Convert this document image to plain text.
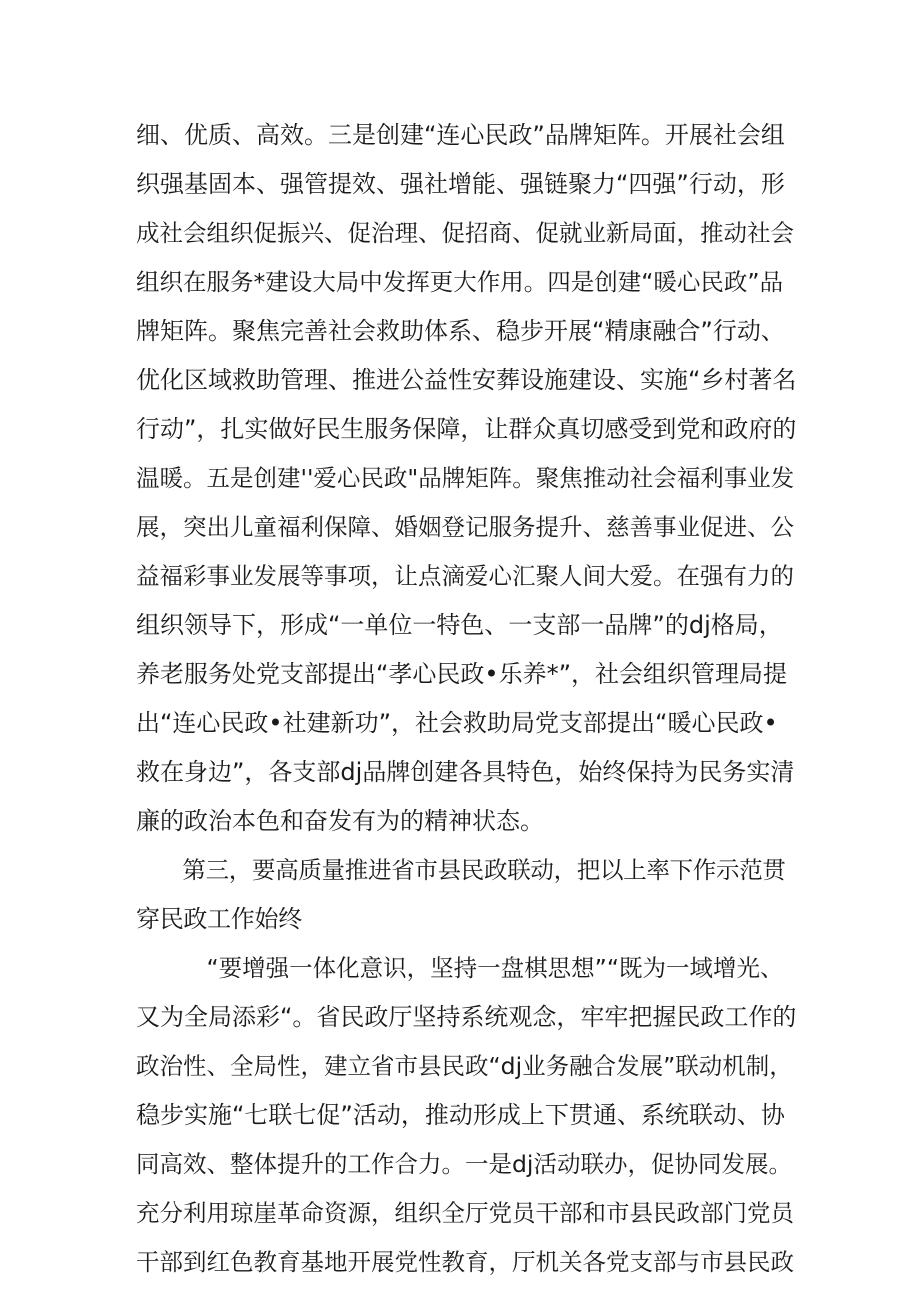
细、优质、高效。三是创建“连心民政”品牌矩阵。开展社会组
织强基固本、强管提效、强社增能、强链聚力“四强”行动，形
成社会组织促振兴、促治理、促招商、促就业新局面，推动社会
组织在服务*建设大局中发挥更大作用。四是创建“暖心民政”品
牌矩阵。聚焦完善社会救助体系、稳步开展“精康融合”行动、
优化区域救助管理、推进公益性安葬设施建设、实施“乡村著名
行动”，扎实做好民生服务保障，让群众真切感受到党和政府的
温暖。五是创建''爱心民政"品牌矩阵。聚焦推动社会福利事业发
展，突出儿童福利保障、婚姻登记服务提升、慈善事业促进、公
益福彩事业发展等事项，让点滴爱心汇聚人间大爱。在强有力的
组织领导下，形成“一单位一特色、一支部一品牌”的dj格局，
养老服务处党支部提出“孝心民政•乐养*”，社会组织管理局提
出“连心民政•社建新功”，社会救助局党支部提出“暖心民政•
救在身边”，各支部dj品牌创建各具特色，始终保持为民务实清
廉的政治本色和奋发有为的精神状态。
　　第三，要高质量推进省市县民政联动，把以上率下作示范贯
穿民政工作始终
　　　“要增强一体化意识，坚持一盘棋思想”“既为一域增光、
又为全局添彩“。省民政厅坚持系统观念，牢牢把握民政工作的
政治性、全局性，建立省市县民政“dj业务融合发展”联动机制，
稳步实施“七联七促”活动，推动形成上下贯通、系统联动、协
同高效、整体提升的工作合力。一是dj活动联办，促协同发展。
充分利用琼崖革命资源，组织全厅党员干部和市县民政部门党员
干部到红色教育基地开展党性教育，厅机关各党支部与市县民政
